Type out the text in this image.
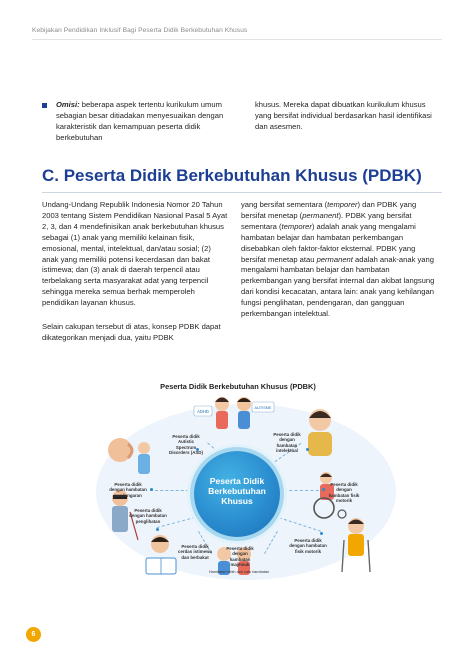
Kebijakan Pendidikan Inklusif Bagi Peserta Didik Berkebutuhan Khusus

Omisi: beberapa aspek tertentu kurikulum umum sebagian besar ditiadakan menyesuaikan dengan karakteristik dan kemampuan peserta didik berkebutuhan

khusus. Mereka dapat dibuatkan kurikulum khusus yang bersifat individual berdasarkan hasil identifikasi dan asesmen.

C. Peserta Didik Berkebutuhan Khusus (PDBK)

Undang-Undang Republik Indonesia Nomor 20 Tahun 2003 tentang Sistem Pendidikan Nasional Pasal 5 Ayat 2, 3, dan 4 mendefinisikan anak berkebutuhan khusus sebagai (1) anak yang memiliki kelainan fisik, emosional, mental, intelektual, dan/atau sosial; (2) anak yang memiliki potensi kecerdasan dan bakat istimewa; dan (3) anak di daerah terpencil atau terbelakang serta masyarakat adat yang terpencil sehingga mereka semua berhak memperoleh pendidikan layanan khusus.

Selain cakupan tersebut di atas, konsep PDBK dapat dikategorikan menjadi dua, yaitu PDBK

yang bersifat sementara (temporer) dan PDBK yang bersifat menetap (permanent). PDBK yang bersifat sementara (temporer) adalah anak yang mengalami hambatan belajar dan hambatan perkembangan disebabkan oleh faktor-faktor eksternal. PDBK yang bersifat menetap atau permanent adalah anak-anak yang mengalami hambatan belajar dan hambatan perkembangan yang bersifat internal dan akibat langsung dari kondisi kecacatan, antara lain: anak yang kehilangan fungsi penglihatan, pendengaran, dan gangguan perkembangan intelektual.

Peserta Didik Berkebutuhan Khusus (PDBK)
Peserta Didik
Berkebutuhan
Khusus
ADHD
AUTISME
Peserta didik Autistic Spectrum Disorders (ASD)
Peserta didik dengan hambatan intelektual
Peserta didik dengan hambatan pendengaran
Peserta didik dengan hambatan fisik motorik
Peserta didik dengan hambatan penglihatan
Peserta didik dengan hambatan fisik motorik
Peserta didik cerdas istimewa dan berbakat
Peserta didik dengan hambatan majemuk
Hambatan lebih dari satu hambatan
6
